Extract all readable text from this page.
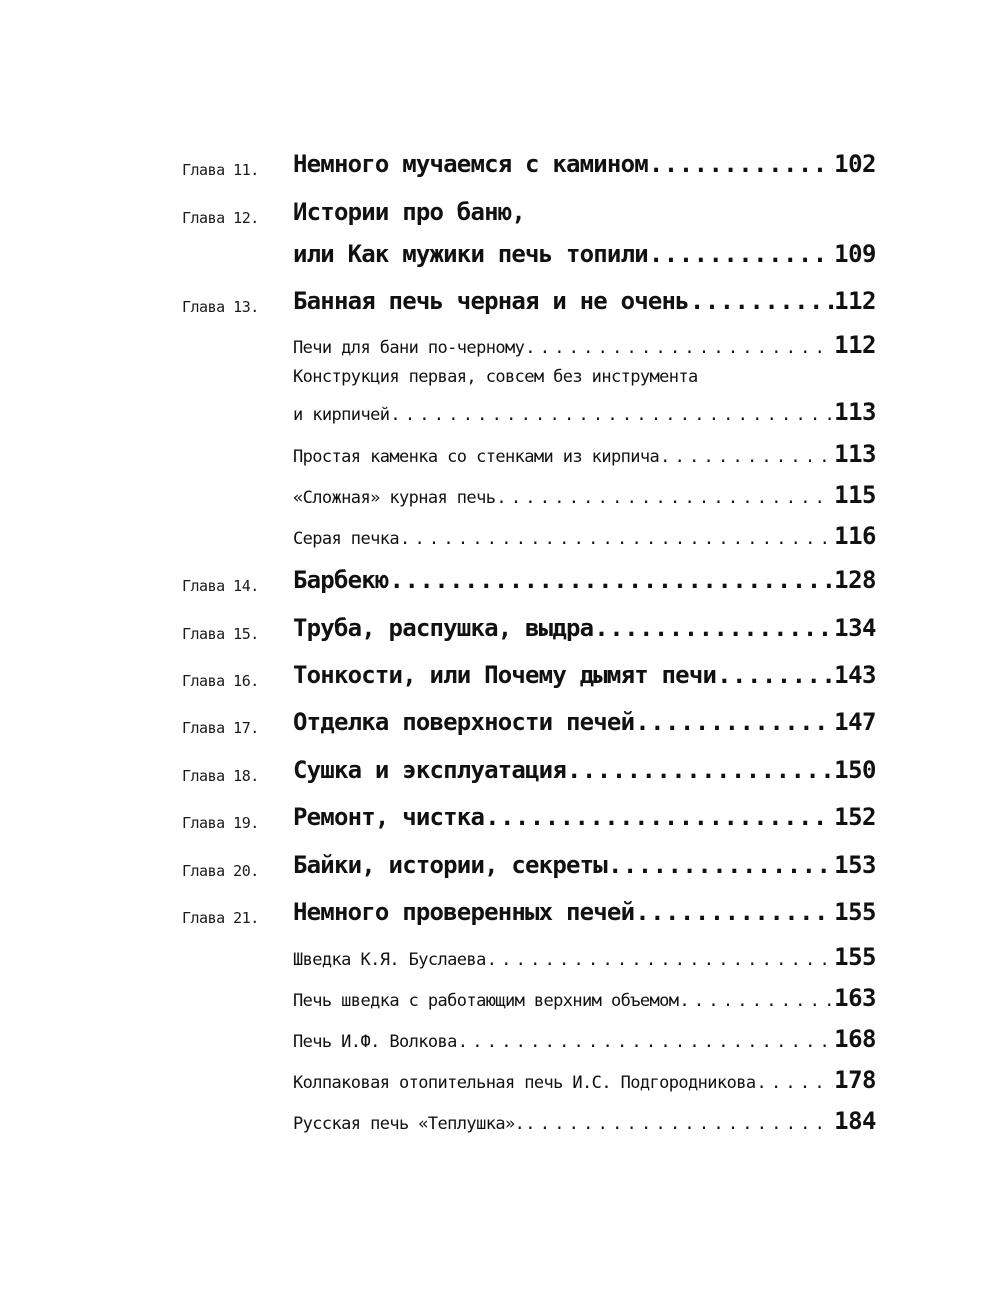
Глава 11. Немного мучаемся с камином . . .	102
Глава 12. Истории про баню,
или Как мужики печь топили . . .	109
Глава 13. Банная печь черная и не очень . . .	112
Печи для бани по-черному . . .	112
Конструкция первая, совсем без инструмента
и кирпичей . . .	113
Простая каменка со стенками из кирпича . . .	113
«Сложная» курная печь . . .	115
Серая печка . . .	116
Глава 14. Барбекю . . .	128
Глава 15. Труба, распушка, выдра . . .	134
Глава 16. Тонкости, или Почему дымят печи . . .	143
Глава 17. Отделка поверхности печей . . .	147
Глава 18. Сушка и эксплуатация . . .	150
Глава 19. Ремонт, чистка . . .	152
Глава 20. Байки, истории, секреты . . .	153
Глава 21. Немного проверенных печей . . .	155
Шведка К.Я. Буслаева . . .	155
Печь шведка с работающим верхним объемом . . .	163
Печь И.Ф. Волкова . . .	168
Колпаковая отопительная печь И.С. Подгородникова . . .	178
Русская печь «Теплушка». . . .	184
